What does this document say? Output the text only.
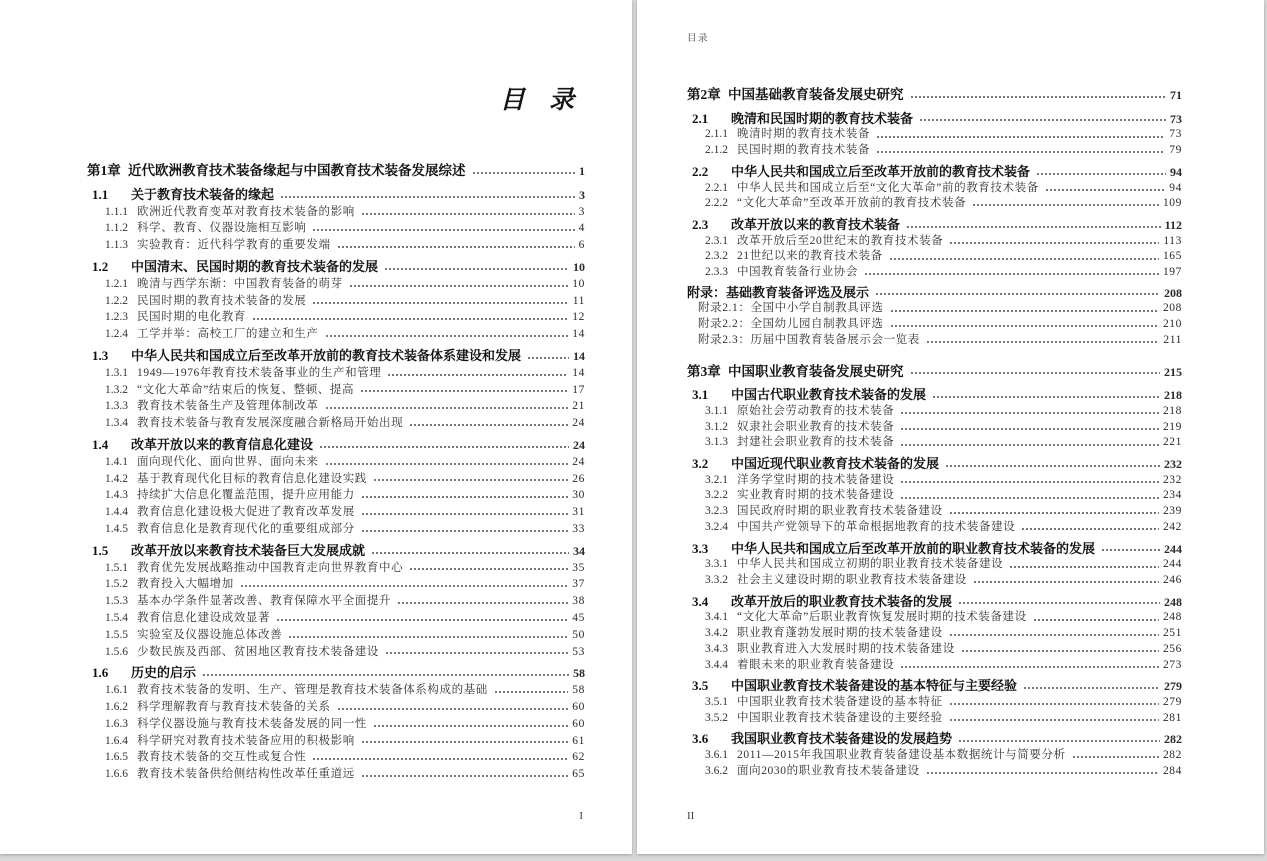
目 录
第1章 近代欧洲教育技术装备缘起与中国教育技术装备发展综述	1
1.1	关于教育技术装备的缘起	3
1.1.1 欧洲近代教育变革对教育技术装备的影响	3
1.1.2 科学、教育、仪器设施相互影响	4
1.1.3 实验教育：近代科学教育的重要发端	6
1.2	中国清末、民国时期的教育技术装备的发展	10
1.2.1 晚清与西学东渐：中国教育装备的萌芽	10
1.2.2 民国时期的教育技术装备的发展	11
1.2.3 民国时期的电化教育	12
1.2.4 工学并举：高校工厂的建立和生产	14
1.3	中华人民共和国成立后至改革开放前的教育技术装备体系建设和发展	14
1.3.1 1949—1976年教育技术装备事业的生产和管理	14
1.3.2 “文化大革命”结束后的恢复、整顿、提高	17
1.3.3 教育技术装备生产及管理体制改革	21
1.3.4 教育技术装备与教育发展深度融合新格局开始出现	24
1.4	改革开放以来的教育信息化建设	24
1.4.1 面向现代化、面向世界、面向未来	24
1.4.2 基于教育现代化目标的教育信息化建设实践	26
1.4.3 持续扩大信息化覆盖范围，提升应用能力	30
1.4.4 教育信息化建设极大促进了教育改革发展	31
1.4.5 教育信息化是教育现代化的重要组成部分	33
1.5	改革开放以来教育技术装备巨大发展成就	34
1.5.1 教育优先发展战略推动中国教育走向世界教育中心	35
1.5.2 教育投入大幅增加	37
1.5.3 基本办学条件显著改善、教育保障水平全面提升	38
1.5.4 教育信息化建设成效显著	45
1.5.5 实验室及仪器设施总体改善	50
1.5.6 少数民族及西部、贫困地区教育技术装备建设	53
1.6	历史的启示	58
1.6.1 教育技术装备的发明、生产、管理是教育技术装备体系构成的基础	58
1.6.2 科学理解教育与教育技术装备的关系	60
1.6.3 科学仪器设施与教育技术装备发展的同一性	60
1.6.4 科学研究对教育技术装备应用的积极影响	61
1.6.5 教育技术装备的交互性或复合性	62
1.6.6 教育技术装备供给侧结构性改革任重道远	65
I
目录
第2章 中国基础教育装备发展史研究	71
2.1	晚清和民国时期的教育技术装备	73
2.1.1 晚清时期的教育技术装备	73
2.1.2 民国时期的教育技术装备	79
2.2	中华人民共和国成立后至改革开放前的教育技术装备	94
2.2.1 中华人民共和国成立后至“文化大革命”前的教育技术装备	94
2.2.2 “文化大革命”至改革开放前的教育技术装备	109
2.3	改革开放以来的教育技术装备	112
2.3.1 改革开放后至20世纪末的教育技术装备	113
2.3.2 21世纪以来的教育技术装备	165
2.3.3 中国教育装备行业协会	197
附录：基础教育装备评选及展示	208
附录2.1：全国中小学自制教具评选	208
附录2.2：全国幼儿园自制教具评选	210
附录2.3：历届中国教育装备展示会一览表	211
第3章 中国职业教育装备发展史研究	215
3.1	中国古代职业教育技术装备的发展	218
3.1.1 原始社会劳动教育的技术装备	218
3.1.2 奴隶社会职业教育的技术装备	219
3.1.3 封建社会职业教育的技术装备	221
3.2	中国近现代职业教育技术装备的发展	232
3.2.1 洋务学堂时期的技术装备建设	232
3.2.2 实业教育时期的技术装备建设	234
3.2.3 国民政府时期的职业教育技术装备建设	239
3.2.4 中国共产党领导下的革命根据地教育的技术装备建设	242
3.3	中华人民共和国成立后至改革开放前的职业教育技术装备的发展	244
3.3.1 中华人民共和国成立初期的职业教育技术装备建设	244
3.3.2 社会主义建设时期的职业教育技术装备建设	246
3.4	改革开放后的职业教育技术装备的发展	248
3.4.1 “文化大革命”后职业教育恢复发展时期的技术装备建设	248
3.4.2 职业教育蓬勃发展时期的技术装备建设	251
3.4.3 职业教育进入大发展时期的技术装备建设	256
3.4.4 着眼未来的职业教育装备建设	273
3.5	中国职业教育技术装备建设的基本特征与主要经验	279
3.5.1 中国职业教育技术装备建设的基本特征	279
3.5.2 中国职业教育技术装备建设的主要经验	281
3.6	我国职业教育技术装备建设的发展趋势	282
3.6.1 2011—2015年我国职业教育装备建设基本数据统计与简要分析	282
3.6.2 面向2030的职业教育技术装备建设	284
II
